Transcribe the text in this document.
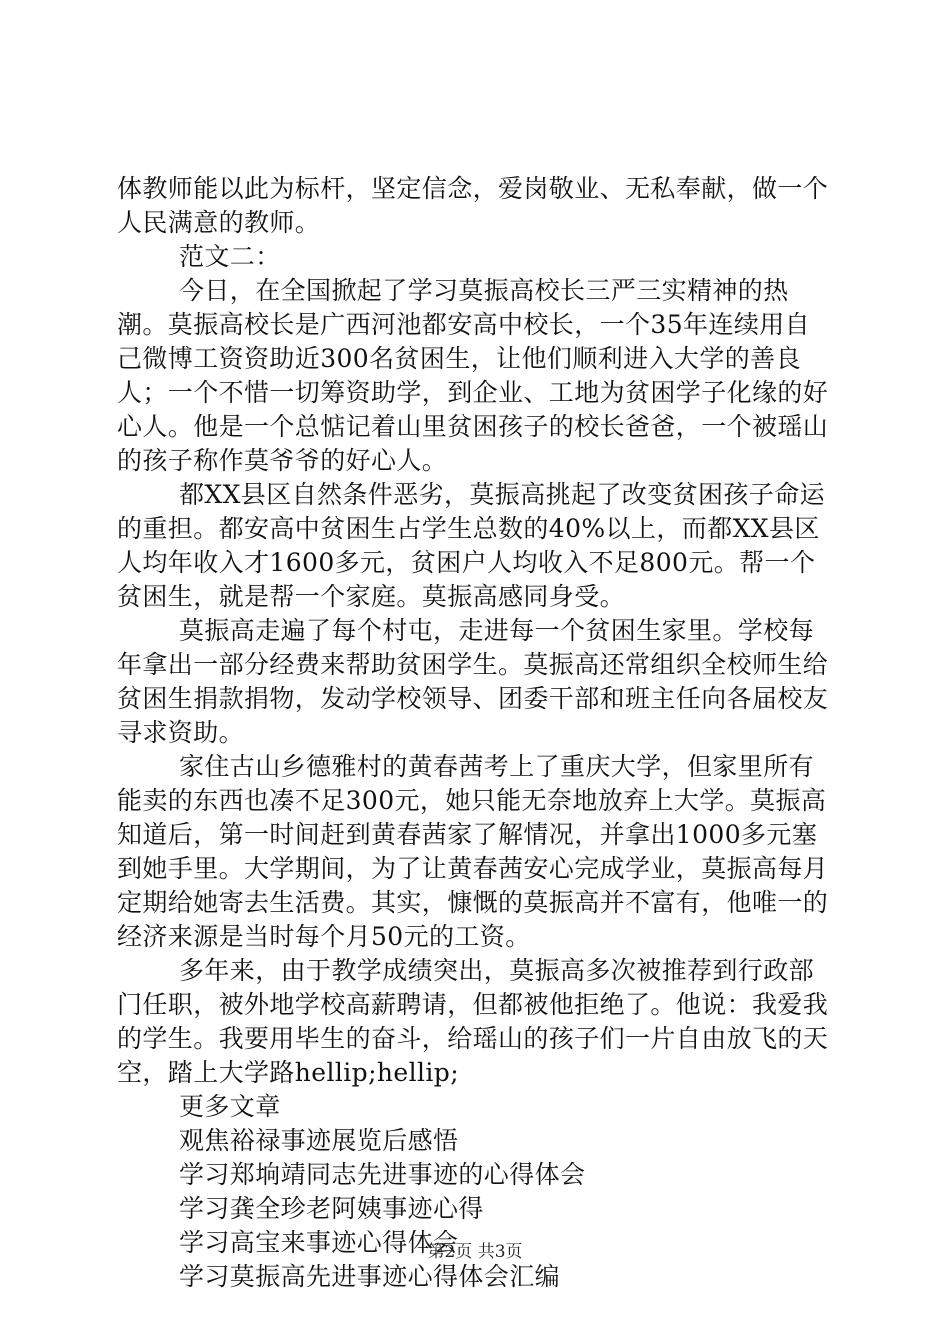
体教师能以此为标杆，坚定信念，爱岗敬业、无私奉献，做一个人民满意的教师。

范文二：

今日，在全国掀起了学习莫振高校长三严三实精神的热潮。莫振高校长是广西河池都安高中校长，一个35年连续用自己微博工资资助近300名贫困生，让他们顺利进入大学的善良人；一个不惜一切筹资助学，到企业、工地为贫困学子化缘的好心人。他是一个总惦记着山里贫困孩子的校长爸爸，一个被瑶山的孩子称作莫爷爷的好心人。

都XX县区自然条件恶劣，莫振高挑起了改变贫困孩子命运的重担。都安高中贫困生占学生总数的40%以上，而都XX县区人均年收入才1600多元，贫困户人均收入不足800元。帮一个贫困生，就是帮一个家庭。莫振高感同身受。

莫振高走遍了每个村屯，走进每一个贫困生家里。学校每年拿出一部分经费来帮助贫困学生。莫振高还常组织全校师生给贫困生捐款捐物，发动学校领导、团委干部和班主任向各届校友寻求资助。

家住古山乡德雅村的黄春茜考上了重庆大学，但家里所有能卖的东西也凑不足300元，她只能无奈地放弃上大学。莫振高知道后，第一时间赶到黄春茜家了解情况，并拿出1000多元塞到她手里。大学期间，为了让黄春茜安心完成学业，莫振高每月定期给她寄去生活费。其实，慷慨的莫振高并不富有，他唯一的经济来源是当时每个月50元的工资。

多年来，由于教学成绩突出，莫振高多次被推荐到行政部门任职，被外地学校高薪聘请，但都被他拒绝了。他说：我爱我的学生。我要用毕生的奋斗，给瑶山的孩子们一片自由放飞的天空，踏上大学路hellip;hellip;

更多文章

观焦裕禄事迹展览后感悟
学习郑垧靖同志先进事迹的心得体会
学习龚全珍老阿姨事迹心得
学习高宝来事迹心得体会
学习莫振高先进事迹心得体会汇编
第2页 共3页
